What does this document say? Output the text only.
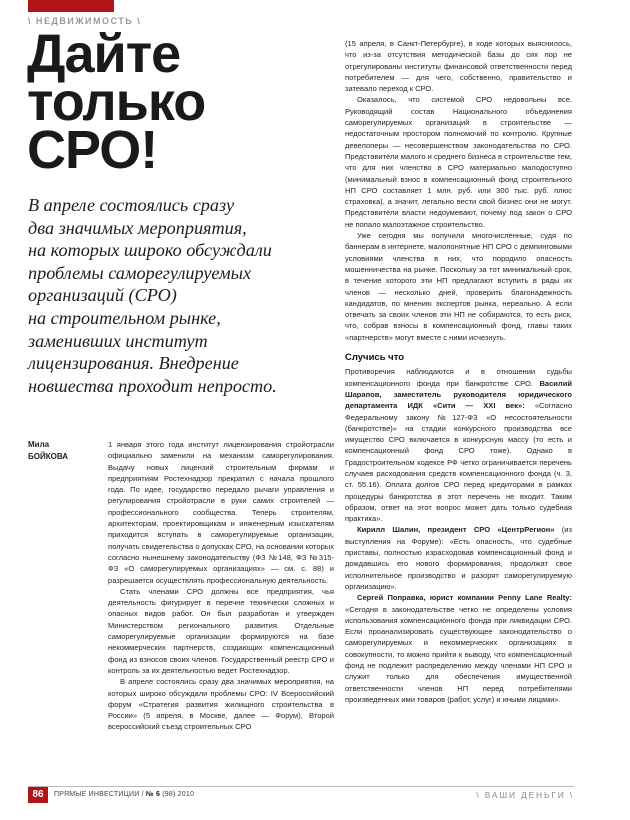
\ НЕДВИЖИМОСТЬ \
Дайте
только
СРО!
В апреле состоялись сразу
два значимых мероприятия,
на которых широко обсуждали
проблемы саморегулируемых
организаций (СРО)
на строительном рынке,
заменивших институт
лицензирования. Внедрение
новшества проходит непросто.
Мила
БОЙКОВА

1 января этого года институт лицензирования стройотрасли официально заменили на механизм саморегулирования. Выдачу новых лицензий строительным фирмам и предприятиям Ростехнадзор прекратил с начала прошлого года. По идее, государство передало рычаги управления и регулирования стройотрасли в руки самих строителей — профессионального сообщества. Теперь строителям, архитекторам, проектировщикам и инженерным изыскателям приходится вступать в саморегулируемые организации, получать свидетельства о допусках СРО, на основании которых согласно нынешнему законодательству (ФЗ №148, ФЗ №315-ФЗ «О саморегулируемых организациях» — см. с. 88) и разрешается осуществлять профессиональную деятельность.

Стать членами СРО должны все предприятия, чья деятельность фигурирует в перечне технически сложных и опасных видов работ. Он был разработан и утвержден Министерством регионального развития. Отдельные саморегулируемые организации формируются на базе некоммерческих партнерств, создающих компенсационный фонд из взносов своих членов. Государственный реестр СРО и контроль за их деятельностью ведет Ростехнадзор.

В апреле состоялись сразу два значимых мероприятия, на которых широко обсуждали проблемы СРО: IV Всероссийский форум «Стратегия развития жилищного строительства в России» (5 апреля, в Москве, далее — Форум), Второй всероссийский съезд строительных СРО

(15 апреля, в Санкт-Петербурге), в ходе которых выяснилось, что из-за отсутствия методической базы до сих пор не отрегулированы институты финансовой ответственности перед потребителем — для чего, собственно, правительство и затевало переход к СРО.

Оказалось, что системой СРО недовольны все. Руководящий состав Национального объединения саморегулируемых организаций в строительстве — недостаточным простором полномочий по контролю. Крупные девелоперы — несовершенством законодательства по СРО. Представители малого и среднего бизнеса в строительстве тем, что для них членство в СРО материально малодоступно (минимальный взнос в компенсационный фонд строительного НП СРО составляет 1 млн. руб. или 300 тыс. руб. плюс страховка), а значит, легально вести свой бизнес они не могут. Представители власти недоумевают, почему под закон о СРО не попало малоэтажное строительство.

Уже сегодня мы получили многочисленные, судя по баннерам в интернете, малопонятные НП СРО с демпинговыми условиями членства в них, что породило опасность мошенничества на рынке. Поскольку за тот минимальный срок, в течение которого эти НП предлагают вступить в ряды их членов — несколько дней, проверить благонадежность кандидатов, по мнению экспертов рынка, нереально. А если отвечать за своих членов эти НП не собираются, то есть риск, что, собрав взносы в компенсационный фонд, главы таких «партнерств» могут вместе с ними исчезнуть.

Случись что

Противоречия наблюдаются и в отношении судьбы компенсационного фонда при банкротстве СРО. Василий Шарапов, заместитель руководителя юридического департамента ИДК «Сити — XXI век»: «Согласно Федеральному закону №127-ФЗ «О несостоятельности (банкротстве)» на стадии конкурсного производства все имущество СРО включается в конкурсную массу (то есть и компенсационный фонд СРО тоже). Однако в Градостроительном кодексе РФ четко ограничивается перечень случаев расходования средств компенсационного фонда (ч. 3, ст. 55.16). Оплата долгов СРО перед кредиторами в рамках процедуры банкротства в этот перечень не входит. Таким образом, ответ на этот вопрос может дать только судебная практика».

Кирилл Шалин, президент СРО «ЦентрРегион» (из выступления на Форуме): «Есть опасность, что судебные приставы, полностью израсходовав компенсационный фонд и дождавшись его нового формирования, продолжат свое исполнительное производство и разорят саморегулируемую организацию».

Сергей Поправка, юрист компании Penny Lane Realty: «Сегодня в законодательстве четко не определены условия использования компенсационного фонда при ликвидации СРО. Если проанализировать существующее законодательство о саморегулируемых и некоммерческих организациях в совокупности, то можно прийти к выводу, что компенсационный фонд не подлежит распределению между членами НП СРО и служит только для обеспечения имущественной ответственности членов НП перед потребителями произведенных ими товаров (работ, услуг) и иными лицами».

86	ПРЯМЫЕ ИНВЕСТИЦИИ / № 6 (98) 2010	\ ВАШИ ДЕНЬГИ \
